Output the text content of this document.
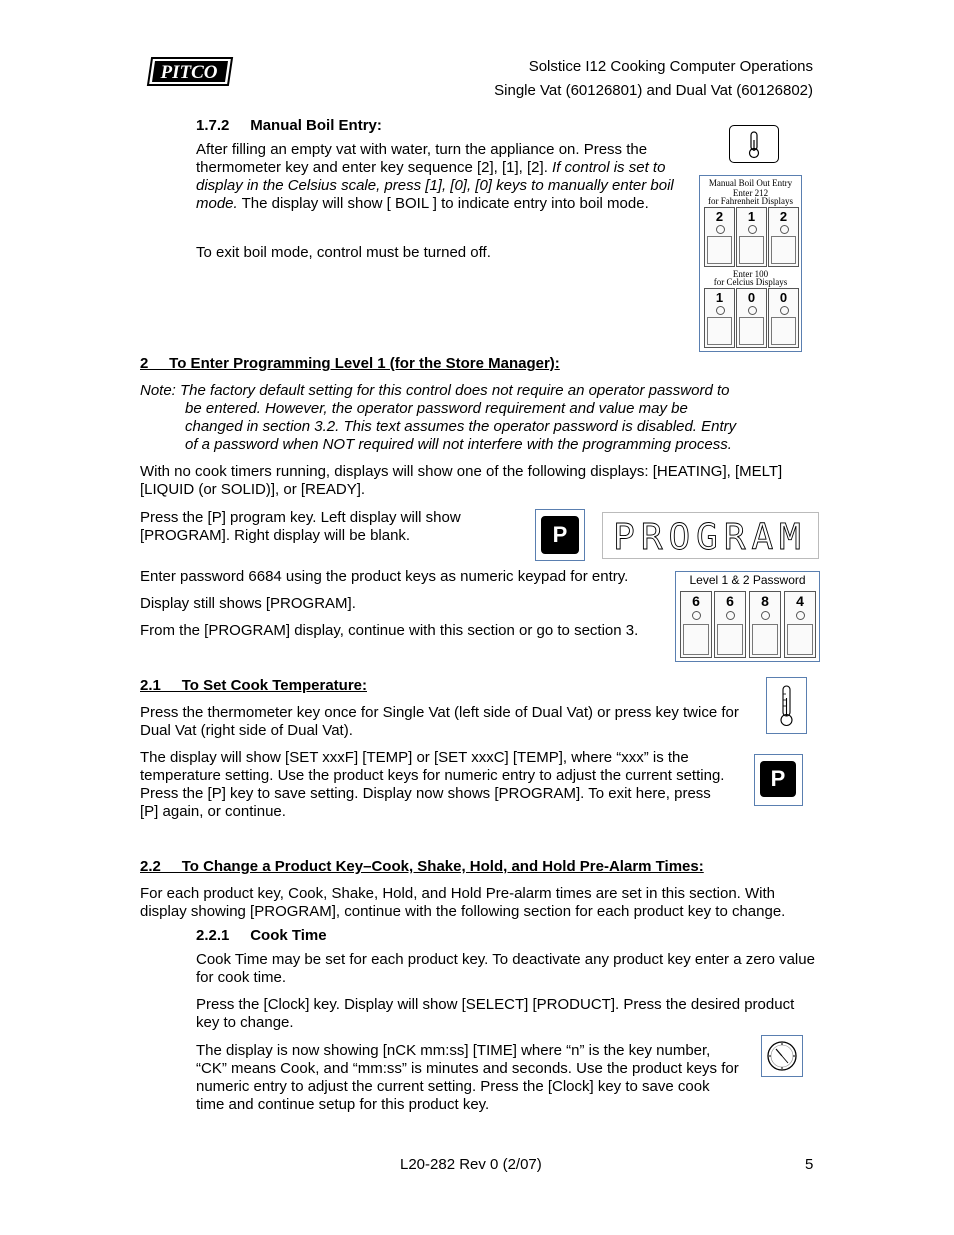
PITCO	Solstice I12 Cooking Computer Operations
Single Vat (60126801) and Dual Vat (60126802)
1.7.2     Manual Boil Entry:
After filling an empty vat with water, turn the appliance on. Press the thermometer key and enter key sequence [2], [1], [2]. If control is set to display in the Celsius scale, press [1], [0], [0] keys to manually enter boil mode. The display will show [ BOIL ] to indicate entry into boil mode.
To exit boil mode, control must be turned off.
Manual Boil Out Entry
Enter 212
for Fahrenheit Displays
2	1	2
Enter 100
for Celcius Displays
1	0	0
2     To Enter Programming Level 1 (for the Store Manager):
Note: The factory default setting for this control does not require an operator password to
be entered. However, the operator password requirement and value may be
changed in section 3.2. This text assumes the operator password is disabled. Entry
of a password when NOT required will not interfere with the programming process.
With no cook timers running, displays will show one of the following displays: [HEATING], [MELT] [LIQUID (or SOLID)], or [READY].
Press the [P] program key. Left display will show [PROGRAM]. Right display will be blank.	P	PROGRAM
Enter password 6684 using the product keys as numeric keypad for entry.
Display still shows [PROGRAM].
From the [PROGRAM] display, continue with this section or go to section 3.
Level 1 & 2 Password
6	6	8	4
2.1     To Set Cook Temperature:
Press the thermometer key once for Single Vat (left side of Dual Vat) or press key twice for Dual Vat (right side of Dual Vat).
The display will show [SET xxxF] [TEMP] or [SET xxxC] [TEMP], where “xxx” is the temperature setting. Use the product keys for numeric entry to adjust the current setting. Press the [P] key to save setting. Display now shows [PROGRAM]. To exit here, press [P] again, or continue.
P
2.2     To Change a Product Key–Cook, Shake, Hold, and Hold Pre-Alarm Times:
For each product key, Cook, Shake, Hold, and Hold Pre-alarm times are set in this section. With display showing [PROGRAM], continue with the following section for each product key to change.
2.2.1     Cook Time
Cook Time may be set for each product key. To deactivate any product key enter a zero value for cook time.
Press the [Clock] key. Display will show [SELECT] [PRODUCT]. Press the desired product key to change.
The display is now showing [nCK mm:ss] [TIME] where “n” is the key number, “CK” means Cook, and “mm:ss” is minutes and seconds. Use the product keys for numeric entry to adjust the current setting. Press the [Clock] key to save cook time and continue setup for this product key.
L20-282 Rev 0 (2/07)	5
